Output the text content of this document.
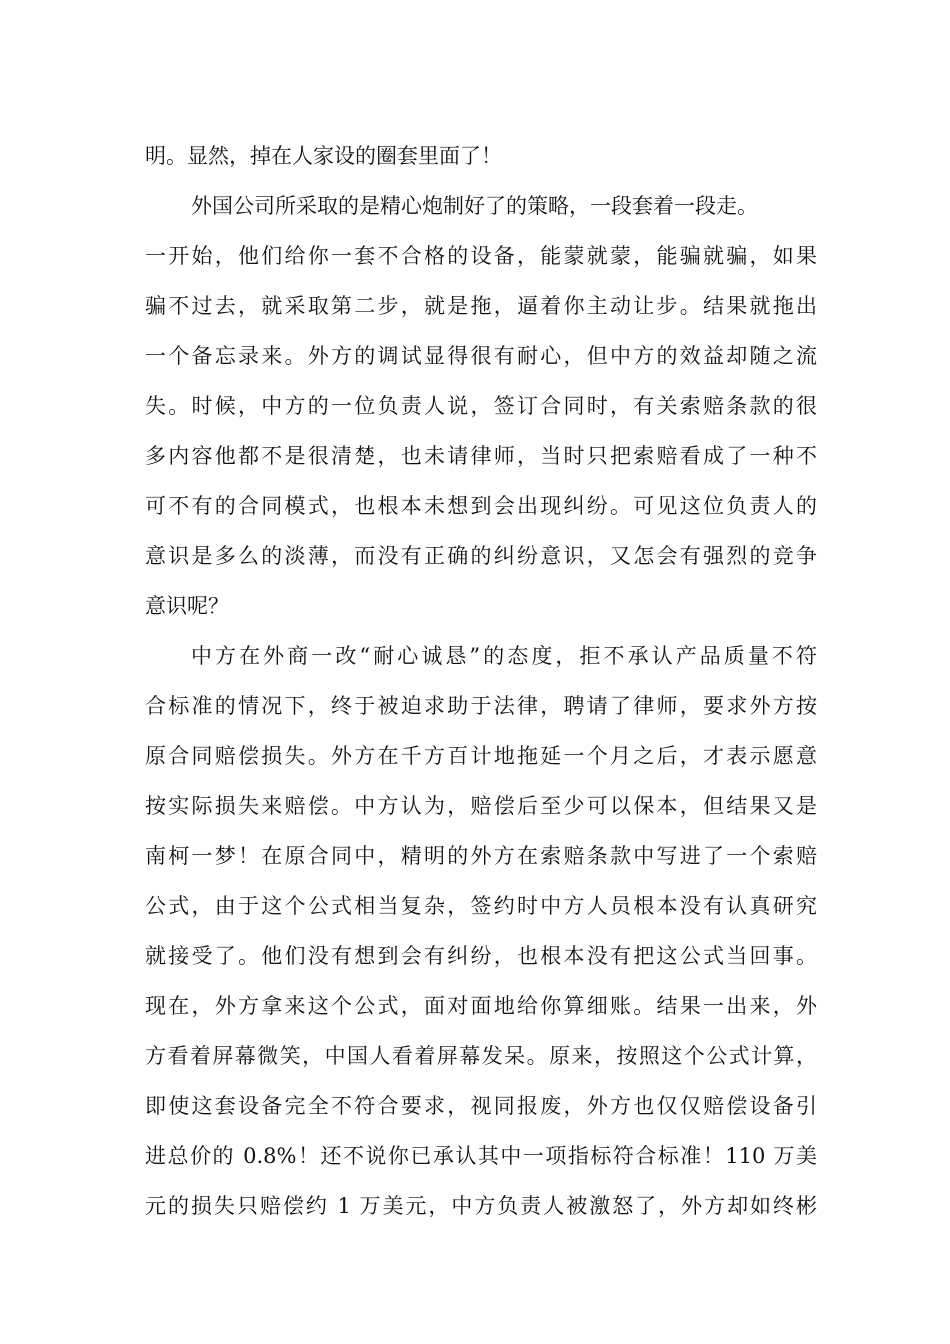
明。显然，掉在人家设的圈套里面了！
外国公司所采取的是精心炮制好了的策略，一段套着一段走。
一开始，他们给你一套不合格的设备，能蒙就蒙，能骗就骗，如果
骗不过去，就采取第二步，就是拖，逼着你主动让步。结果就拖出
一个备忘录来。外方的调试显得很有耐心，但中方的效益却随之流
失。时候，中方的一位负责人说，签订合同时，有关索赔条款的很
多内容他都不是很清楚，也未请律师，当时只把索赔看成了一种不
可不有的合同模式，也根本未想到会出现纠纷。可见这位负责人的
意识是多么的淡薄，而没有正确的纠纷意识，又怎会有强烈的竞争
意识呢？
中方在外商一改“耐心诚恳”的态度，拒不承认产品质量不符
合标准的情况下，终于被迫求助于法律，聘请了律师，要求外方按
原合同赔偿损失。外方在千方百计地拖延一个月之后，才表示愿意
按实际损失来赔偿。中方认为，赔偿后至少可以保本，但结果又是
南柯一梦！在原合同中，精明的外方在索赔条款中写进了一个索赔
公式，由于这个公式相当复杂，签约时中方人员根本没有认真研究
就接受了。他们没有想到会有纠纷，也根本没有把这公式当回事。
现在，外方拿来这个公式，面对面地给你算细账。结果一出来，外
方看着屏幕微笑，中国人看着屏幕发呆。原来，按照这个公式计算，
即使这套设备完全不符合要求，视同报废，外方也仅仅赔偿设备引
进总价的 0.8%！还不说你已承认其中一项指标符合标准！110 万美
元的损失只赔偿约 1 万美元，中方负责人被激怒了，外方却如终彬
